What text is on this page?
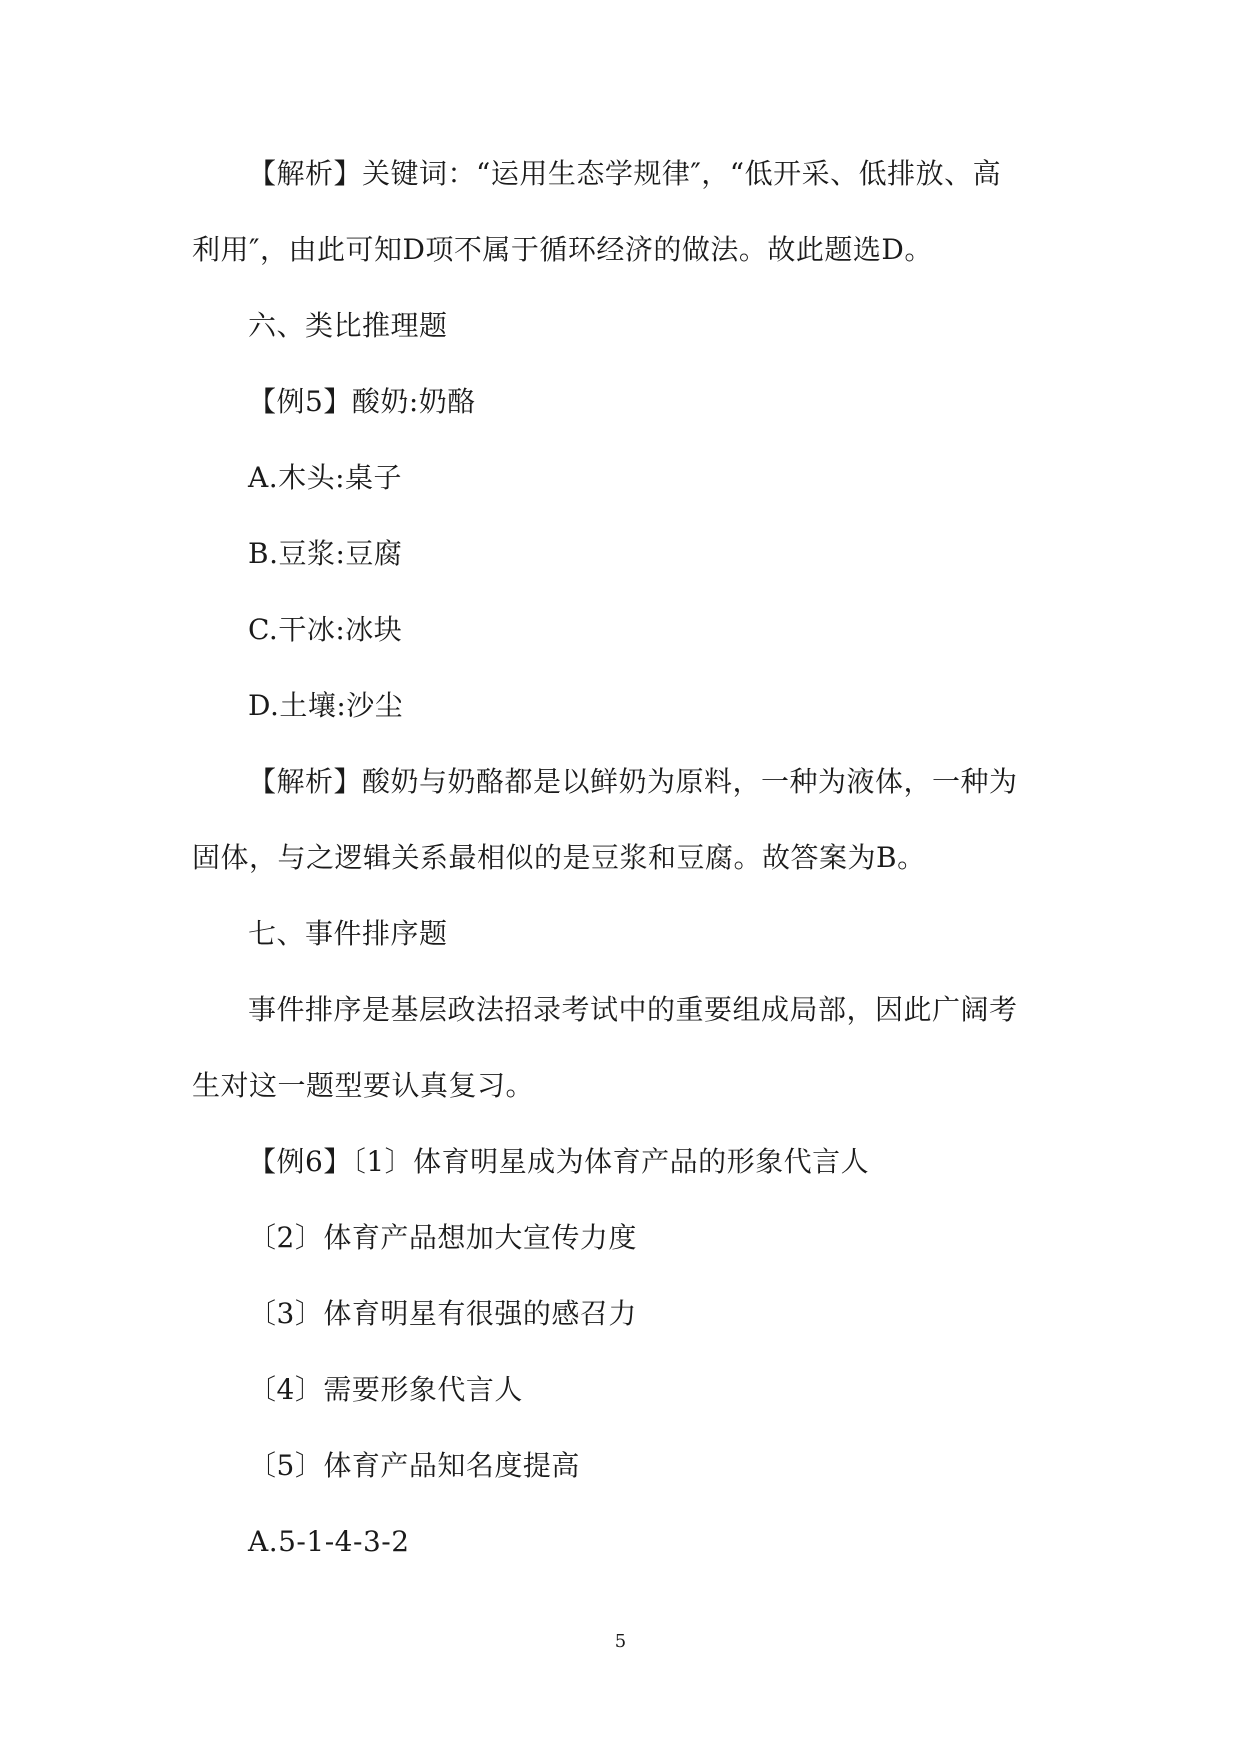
【解析】关键词：“运用生态学规律″，“低开采、低排放、高
利用″，由此可知D项不属于循环经济的做法。故此题选D。
六、类比推理题
【例5】酸奶:奶酪
A.木头:桌子
B.豆浆:豆腐
C.干冰:冰块
D.土壤:沙尘
【解析】酸奶与奶酪都是以鲜奶为原料，一种为液体，一种为
固体，与之逻辑关系最相似的是豆浆和豆腐。故答案为B。
七、事件排序题
事件排序是基层政法招录考试中的重要组成局部，因此广阔考
生对这一题型要认真复习。
【例6】〔1〕体育明星成为体育产品的形象代言人
〔2〕体育产品想加大宣传力度
〔3〕体育明星有很强的感召力
〔4〕需要形象代言人
〔5〕体育产品知名度提高
A.5-1-4-3-2
5
